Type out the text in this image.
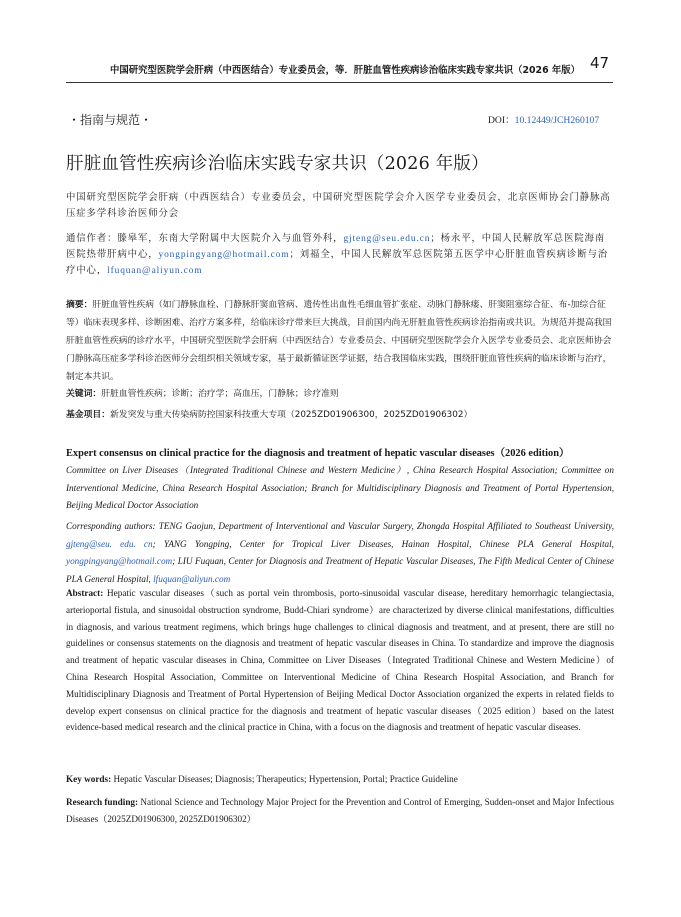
中国研究型医院学会肝病（中西医结合）专业委员会，等．肝脏血管性疾病诊治临床实践专家共识（2026 年版） 47
・指南与规范・	DOI：10.12449/JCH260107
肝脏血管性疾病诊治临床实践专家共识（2026 年版）
中国研究型医院学会肝病（中西医结合）专业委员会，中国研究型医院学会介入医学专业委员会，北京医师协会门静脉高压症多学科诊治医师分会
通信作者：滕皋军，东南大学附属中大医院介入与血管外科，gjteng@seu.edu.cn；杨永平，中国人民解放军总医院海南医院热带肝病中心，yongpingyang@hotmail.com；刘福全，中国人民解放军总医院第五医学中心肝脏血管疾病诊断与治疗中心，lfuquan@aliyun.com
摘要：肝脏血管性疾病（如门静脉血栓、门静脉肝窦血管病、遗传性出血性毛细血管扩张症、动脉门静脉瘘、肝窦阻塞综合征、布-加综合征等）临床表现多样、诊断困难、治疗方案多样，给临床诊疗带来巨大挑战，目前国内尚无肝脏血管性疾病诊治指南或共识。为规范并提高我国肝脏血管性疾病的诊疗水平，中国研究型医院学会肝病（中西医结合）专业委员会、中国研究型医院学会介入医学专业委员会、北京医师协会门静脉高压症多学科诊治医师分会组织相关领域专家，基于最新循证医学证据，结合我国临床实践，围绕肝脏血管性疾病的临床诊断与治疗，制定本共识。
关键词：肝脏血管性疾病；诊断；治疗学；高血压，门静脉；诊疗准则
基金项目：新发突发与重大传染病防控国家科技重大专项（2025ZD01906300，2025ZD01906302）
Expert consensus on clinical practice for the diagnosis and treatment of hepatic vascular diseases（2026 edition）
Committee on Liver Diseases（Integrated Traditional Chinese and Western Medicine）, China Research Hospital Association; Committee on Interventional Medicine, China Research Hospital Association; Branch for Multidisciplinary Diagnosis and Treatment of Portal Hypertension, Beijing Medical Doctor Association
Corresponding authors: TENG Gaojun, Department of Interventional and Vascular Surgery, Zhongda Hospital Affiliated to Southeast University, gjteng@seu. edu. cn; YANG Yongping, Center for Tropical Liver Diseases, Hainan Hospital, Chinese PLA General Hospital, yongpingyang@hotmail.com; LIU Fuquan, Center for Diagnosis and Treatment of Hepatic Vascular Diseases, The Fifth Medical Center of Chinese PLA General Hospital, lfuquan@aliyun.com
Abstract: Hepatic vascular diseases（such as portal vein thrombosis, porto-sinusoidal vascular disease, hereditary hemorrhagic telangiectasia, arterioportal fistula, and sinusoidal obstruction syndrome, Budd-Chiari syndrome）are characterized by diverse clinical manifestations, difficulties in diagnosis, and various treatment regimens, which brings huge challenges to clinical diagnosis and treatment, and at present, there are still no guidelines or consensus statements on the diagnosis and treatment of hepatic vascular diseases in China. To standardize and improve the diagnosis and treatment of hepatic vascular diseases in China, Committee on Liver Diseases（Integrated Traditional Chinese and Western Medicine）of China Research Hospital Association, Committee on Interventional Medicine of China Research Hospital Association, and Branch for Multidisciplinary Diagnosis and Treatment of Portal Hypertension of Beijing Medical Doctor Association organized the experts in related fields to develop expert consensus on clinical practice for the diagnosis and treatment of hepatic vascular diseases（2025 edition）based on the latest evidence-based medical research and the clinical practice in China, with a focus on the diagnosis and treatment of hepatic vascular diseases.
Key words: Hepatic Vascular Diseases; Diagnosis; Therapeutics; Hypertension, Portal; Practice Guideline
Research funding: National Science and Technology Major Project for the Prevention and Control of Emerging, Sudden-onset and Major Infectious Diseases（2025ZD01906300, 2025ZD01906302）
